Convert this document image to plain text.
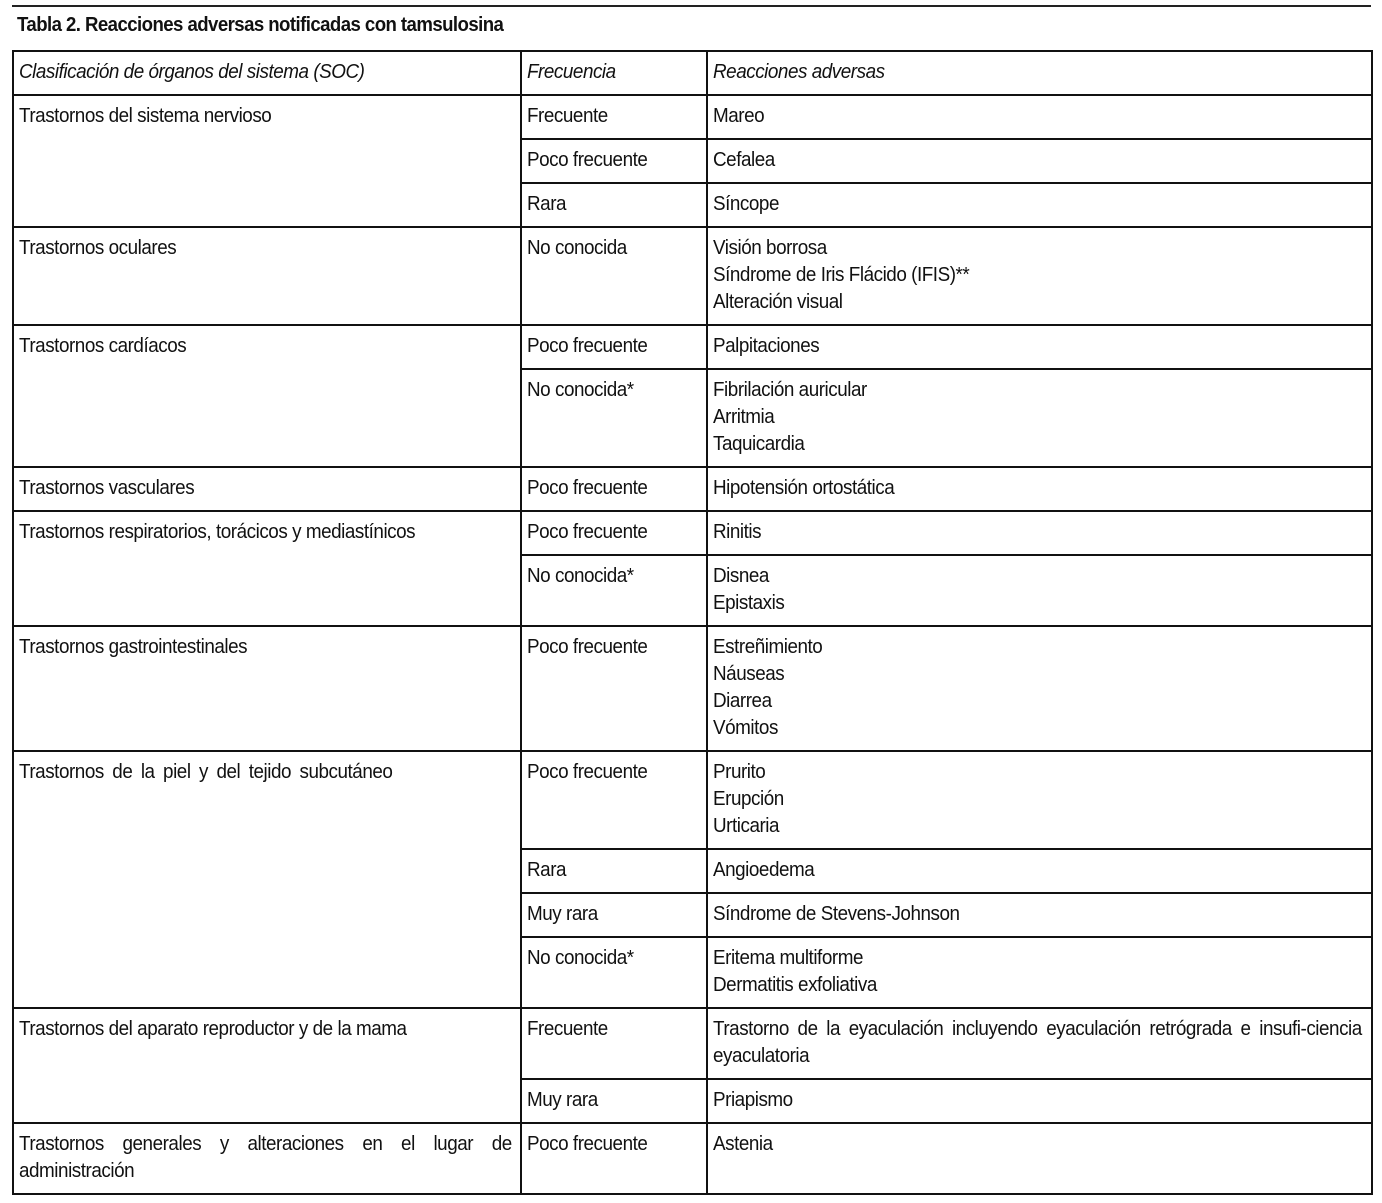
Tabla 2. Reacciones adversas notificadas con tamsulosina
Clasificación de órganos del sistema (SOC)	Frecuencia	Reacciones adversas

Trastornos del sistema nervioso	Frecuente	Mareo

	Poco frecuente	Cefalea

	Rara	Síncope

Trastornos oculares	No conocida	Visión borrosa
Síndrome de Iris Flácido (IFIS)**
Alteración visual

Trastornos cardíacos	Poco frecuente	Palpitaciones

	No conocida*	Fibrilación auricular
Arritmia
Taquicardia

Trastornos vasculares	Poco frecuente	Hipotensión ortostática

Trastornos respiratorios, torácicos y mediastínicos	Poco frecuente	Rinitis

	No conocida*	Disnea
Epistaxis

Trastornos gastrointestinales	Poco frecuente	Estreñimiento
Náuseas
Diarrea
Vómitos

Trastornos de la piel y del tejido subcutáneo	Poco frecuente	Prurito
Erupción
Urticaria

	Rara	Angioedema

	Muy rara	Síndrome de Stevens-Johnson

	No conocida*	Eritema multiforme
Dermatitis exfoliativa

Trastornos del aparato reproductor y de la mama	Frecuente	Trastorno de la eyaculación incluyendo eyaculación retrógrada e insufi-ciencia eyaculatoria

	Muy rara	Priapismo

Trastornos generales y alteraciones en el lugar de administración	Poco frecuente	Astenia
